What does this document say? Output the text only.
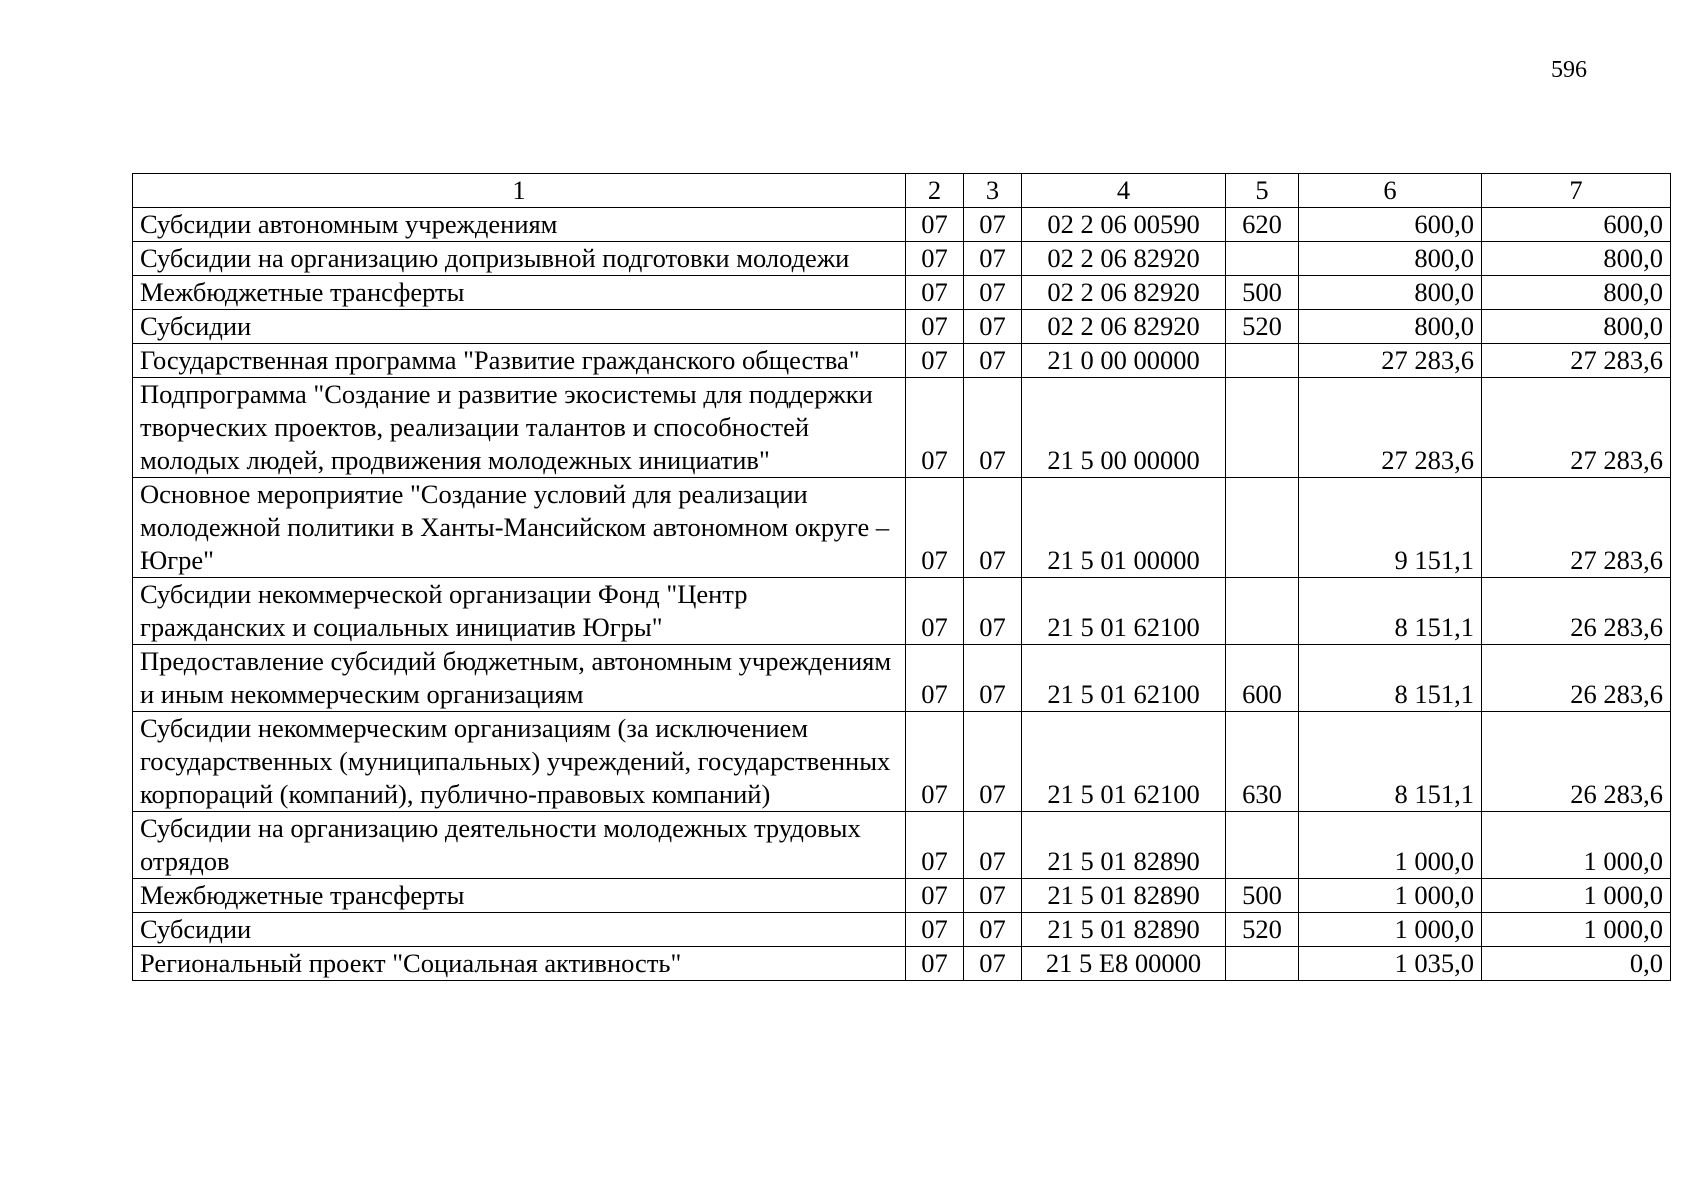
596
1	2	3	4	5	6	7
Субсидии автономным учреждениям	07	07	02 2 06 00590	620	600,0	600,0
Субсидии на организацию допризывной подготовки молодежи	07	07	02 2 06 82920		800,0	800,0
Межбюджетные трансферты	07	07	02 2 06 82920	500	800,0	800,0
Субсидии	07	07	02 2 06 82920	520	800,0	800,0
Государственная программа "Развитие гражданского общества"	07	07	21 0 00 00000		27 283,6	27 283,6
Подпрограмма "Создание и развитие экосистемы для поддержки творческих проектов, реализации талантов и способностей молодых людей, продвижения молодежных инициатив"	07	07	21 5 00 00000		27 283,6	27 283,6
Основное мероприятие "Создание условий для реализации молодежной политики в Ханты-Мансийском автономном округе – Югре"	07	07	21 5 01 00000		9 151,1	27 283,6
Субсидии некоммерческой организации Фонд "Центр гражданских и социальных инициатив Югры"	07	07	21 5 01 62100		8 151,1	26 283,6
Предоставление субсидий бюджетным, автономным учреждениям и иным некоммерческим организациям	07	07	21 5 01 62100	600	8 151,1	26 283,6
Субсидии некоммерческим организациям (за исключением государственных (муниципальных) учреждений, государственных корпораций (компаний), публично-правовых компаний)	07	07	21 5 01 62100	630	8 151,1	26 283,6
Субсидии на организацию деятельности молодежных трудовых отрядов	07	07	21 5 01 82890		1 000,0	1 000,0
Межбюджетные трансферты	07	07	21 5 01 82890	500	1 000,0	1 000,0
Субсидии	07	07	21 5 01 82890	520	1 000,0	1 000,0
Региональный проект "Социальная активность"	07	07	21 5 E8 00000		1 035,0	0,0
